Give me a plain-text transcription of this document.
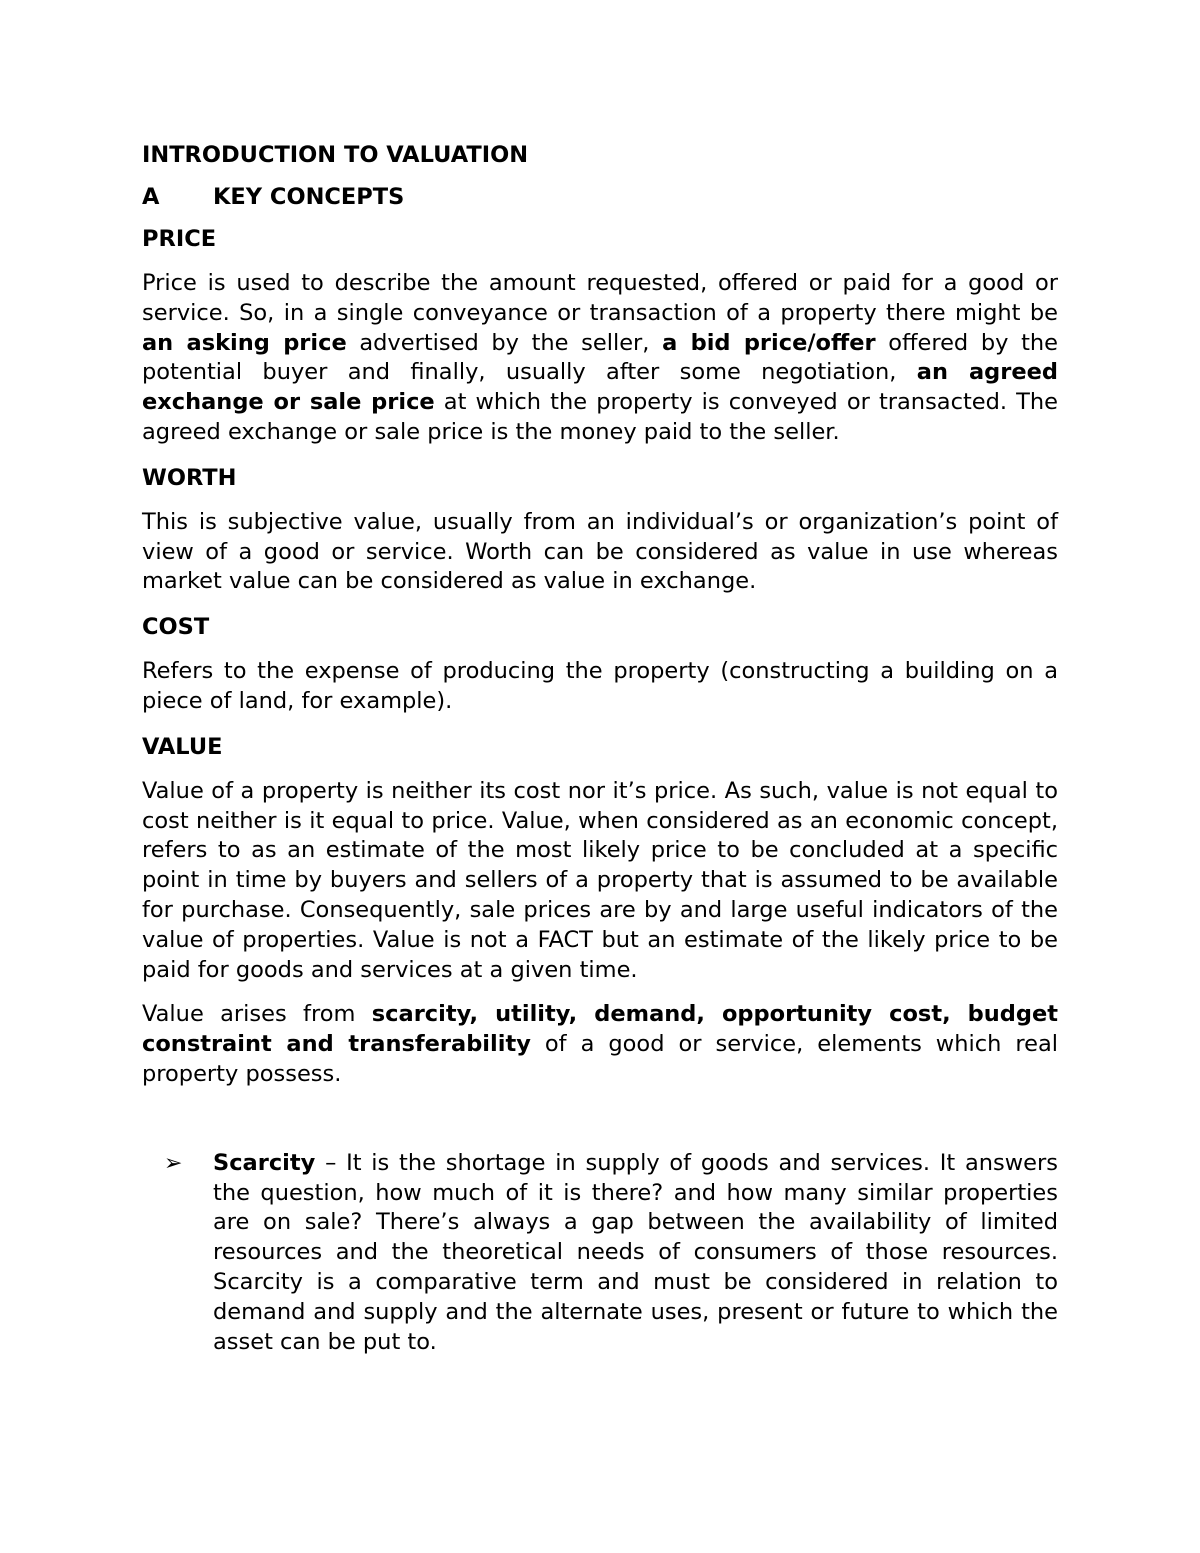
INTRODUCTION TO VALUATION
A	KEY CONCEPTS
PRICE

Price is used to describe the amount requested, offered or paid for a good or service. So, in a single conveyance or transaction of a property there might be an asking price advertised by the seller, a bid price/offer offered by the potential buyer and finally, usually after some negotiation, an agreed exchange or sale price at which the property is conveyed or transacted. The agreed exchange or sale price is the money paid to the seller.

WORTH

This is subjective value, usually from an individual’s or organization’s point of view of a good or service. Worth can be considered as value in use whereas market value can be considered as value in exchange.

COST

Refers to the expense of producing the property (constructing a building on a piece of land, for example).

VALUE

Value of a property is neither its cost nor it’s price. As such, value is not equal to cost neither is it equal to price. Value, when considered as an economic concept, refers to as an estimate of the most likely price to be concluded at a specific point in time by buyers and sellers of a property that is assumed to be available for purchase. Consequently, sale prices are by and large useful indicators of the value of properties. Value is not a FACT but an estimate of the likely price to be paid for goods and services at a given time.

Value arises from scarcity, utility, demand, opportunity cost, budget constraint and transferability of a good or service, elements which real property possess.

➢	Scarcity – It is the shortage in supply of goods and services. It answers the question, how much of it is there? and how many similar properties are on sale? There’s always a gap between the availability of limited resources and the theoretical needs of consumers of those resources. Scarcity is a comparative term and must be considered in relation to demand and supply and the alternate uses, present or future to which the asset can be put to.
